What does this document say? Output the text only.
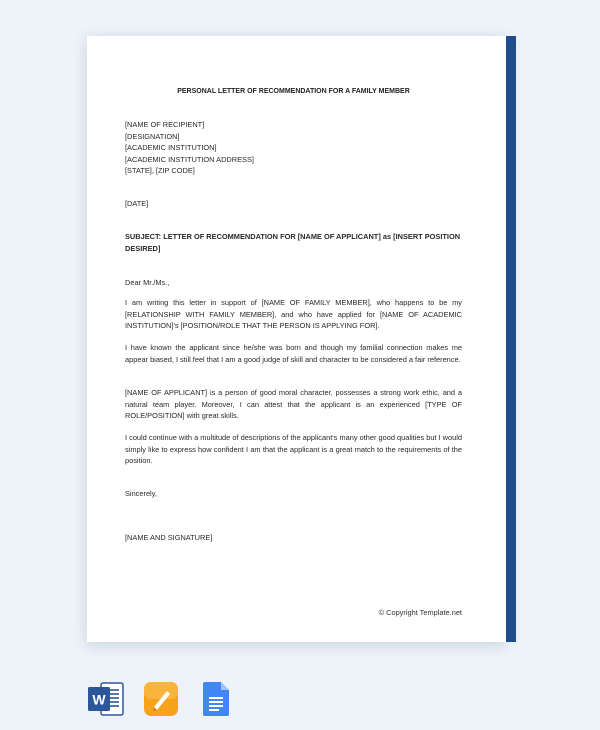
PERSONAL LETTER OF RECOMMENDATION FOR A FAMILY MEMBER
[NAME OF RECIPIENT]
[DESIGNATION]
[ACADEMIC INSTITUTION]
[ACADEMIC INSTITUTION ADDRESS]
[STATE], [ZIP CODE]
[DATE]
SUBJECT: LETTER OF RECOMMENDATION FOR [NAME OF APPLICANT] as [INSERT POSITION DESIRED]
Dear Mr./Ms.,
I am writing this letter in support of [NAME OF FAMILY MEMBER], who happens to be my [RELATIONSHIP WITH FAMILY MEMBER], and who have applied for [NAME OF ACADEMIC INSTITUTION]'s [POSITION/ROLE THAT THE PERSON IS APPLYING FOR].
I have known the applicant since he/she was born and though my familial connection makes me appear biased, I still feel that I am a good judge of skill and character to be considered a fair reference.
[NAME OF APPLICANT] is a person of good moral character, possesses a strong work ethic, and a natural team player. Moreover, I can attest that the applicant is an experienced [TYPE OF ROLE/POSITION] with great skills.
I could continue with a multitude of descriptions of the applicant's many other good qualities but I would simply like to express how confident I am that the applicant is a great match to the requirements of the position.
Sincerely,
[NAME AND SIGNATURE]
© Copyright Template.net
W
